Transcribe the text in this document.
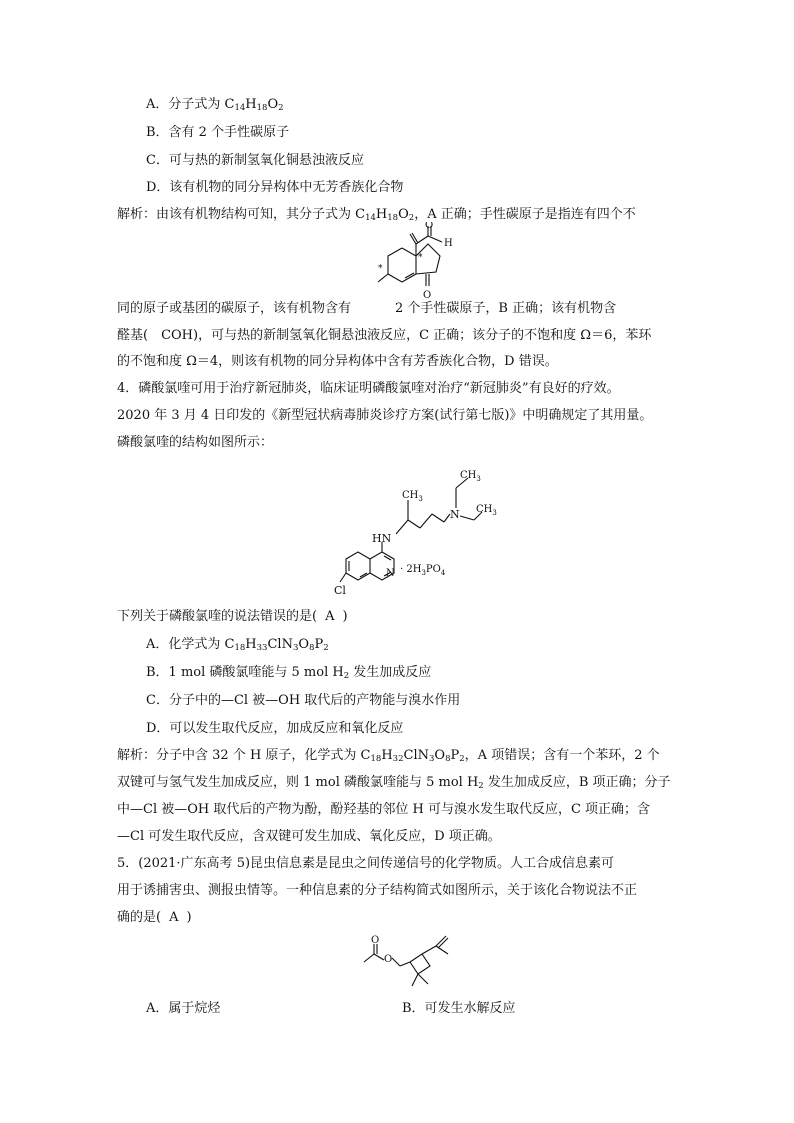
A．分子式为 $C_{14}H_{18}O_2$
B．含有 2 个手性碳原子
C．可与热的新制氢氧化铜悬浊液反应
D．该有机物的同分异构体中无芳香族化合物
解析：由该有机物结构可知，其分子式为 $C_{14}H_{18}O_2$，A 正确；手性碳原子是指连有四个不
O
H
O
*
*
同的原子或基团的碳原子，该有机物含有	2 个手性碳原子，B 正确；该有机物含
醛基(　COH)，可与热的新制氢氧化铜悬浊液反应，C 正确；该分子的不饱和度 Ω＝6，苯环
的不饱和度 Ω＝4，则该有机物的同分异构体中含有芳香族化合物，D 错误。
4．磷酸氯喹可用于治疗新冠肺炎，临床证明磷酸氯喹对治疗“新冠肺炎”有良好的疗效。
2020 年 3 月 4 日印发的《新型冠状病毒肺炎诊疗方案(试行第七版)》中明确规定了其用量。
磷酸氯喹的结构如图所示：
$CH_3$
$CH_3$
$CH_3$
N
HN
N
Cl
· $2H_3PO_4$
下列关于磷酸氯喹的说法错误的是( A )
A．化学式为 $C_{18}H_{33}ClN_3O_8P_2$
B．1 mol 磷酸氯喹能与 5 mol $H_2$ 发生加成反应
C．分子中的—Cl 被—OH 取代后的产物能与溴水作用
D．可以发生取代反应，加成反应和氧化反应
解析：分子中含 32 个 H 原子，化学式为 $C_{18}H_{32}ClN_3O_8P_2$，A 项错误；含有一个苯环，2 个
双键可与氢气发生加成反应，则 1 mol 磷酸氯喹能与 5 mol $H_2$ 发生加成反应，B 项正确；分子
中—Cl 被—OH 取代后的产物为酚，酚羟基的邻位 H 可与溴水发生取代反应，C 项正确；含
—Cl 可发生取代反应，含双键可发生加成、氧化反应，D 项正确。
5．(2021·广东高考 5)昆虫信息素是昆虫之间传递信号的化学物质。人工合成信息素可
用于诱捕害虫、测报虫情等。一种信息素的分子结构简式如图所示，关于该化合物说法不正
确的是( A )
O
O
A．属于烷烃	B．可发生水解反应
